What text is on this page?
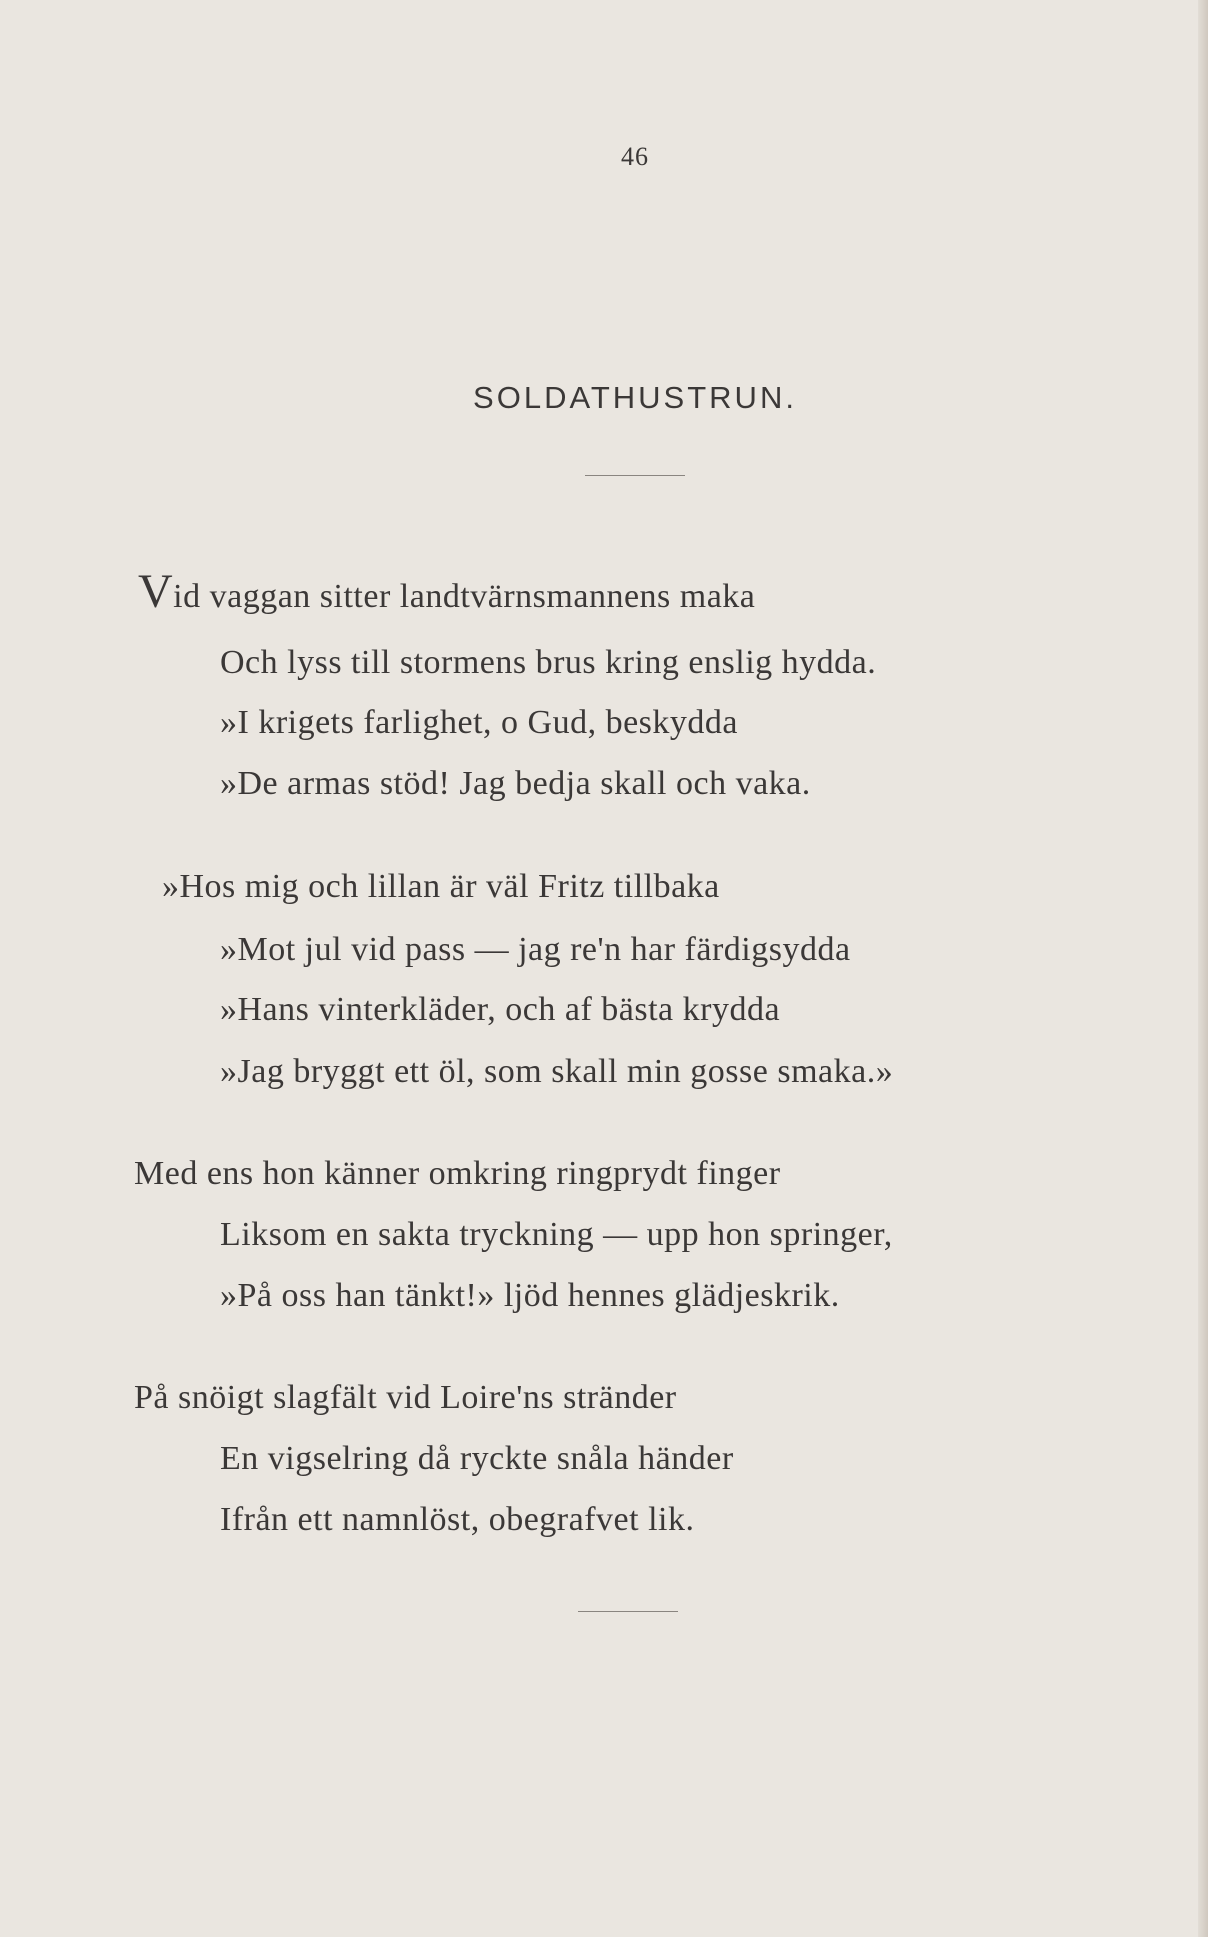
46
SOLDATHUSTRUN.
Vid vaggan sitter landtvärnsmannens maka
Och lyss till stormens brus kring enslig hydda.
»I krigets farlighet, o Gud, beskydda
»De armas stöd! Jag bedja skall och vaka.
»Hos mig och lillan är väl Fritz tillbaka
»Mot jul vid pass — jag re'n har färdigsydda
»Hans vinterkläder, och af bästa krydda
»Jag bryggt ett öl, som skall min gosse smaka.»
Med ens hon känner omkring ringprydt finger
Liksom en sakta tryckning — upp hon springer,
»På oss han tänkt!» ljöd hennes glädjeskrik.
På snöigt slagfält vid Loire'ns stränder
En vigselring då ryckte snåla händer
Ifrån ett namnlöst, obegrafvet lik.
